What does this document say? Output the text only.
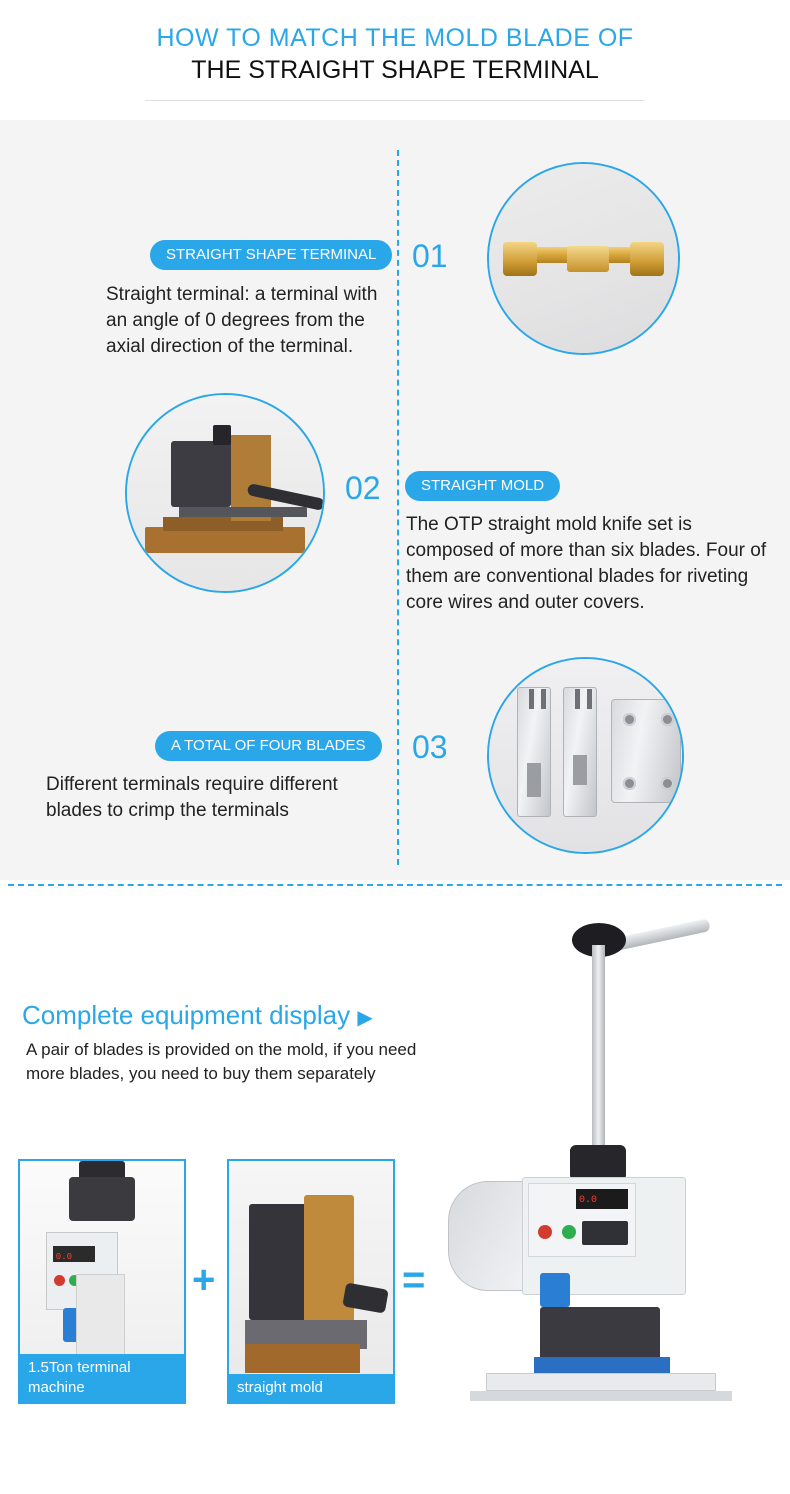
HOW TO MATCH THE MOLD BLADE OF
THE STRAIGHT SHAPE TERMINAL
STRAIGHT SHAPE TERMINAL	01
Straight terminal: a terminal with an angle of 0 degrees from the axial direction of the terminal.
STRAIGHT MOLD
02
The OTP straight mold knife set is composed of more than six blades. Four of them are conventional blades for riveting core wires and outer covers.
A TOTAL OF FOUR BLADES	03
Different terminals require different blades to crimp the terminals
Complete equipment display ▶
A pair of blades is provided on the mold, if you need more blades, you need to buy them separately
0.0
1.5Ton terminal machine
+
straight mold
=
0.0
